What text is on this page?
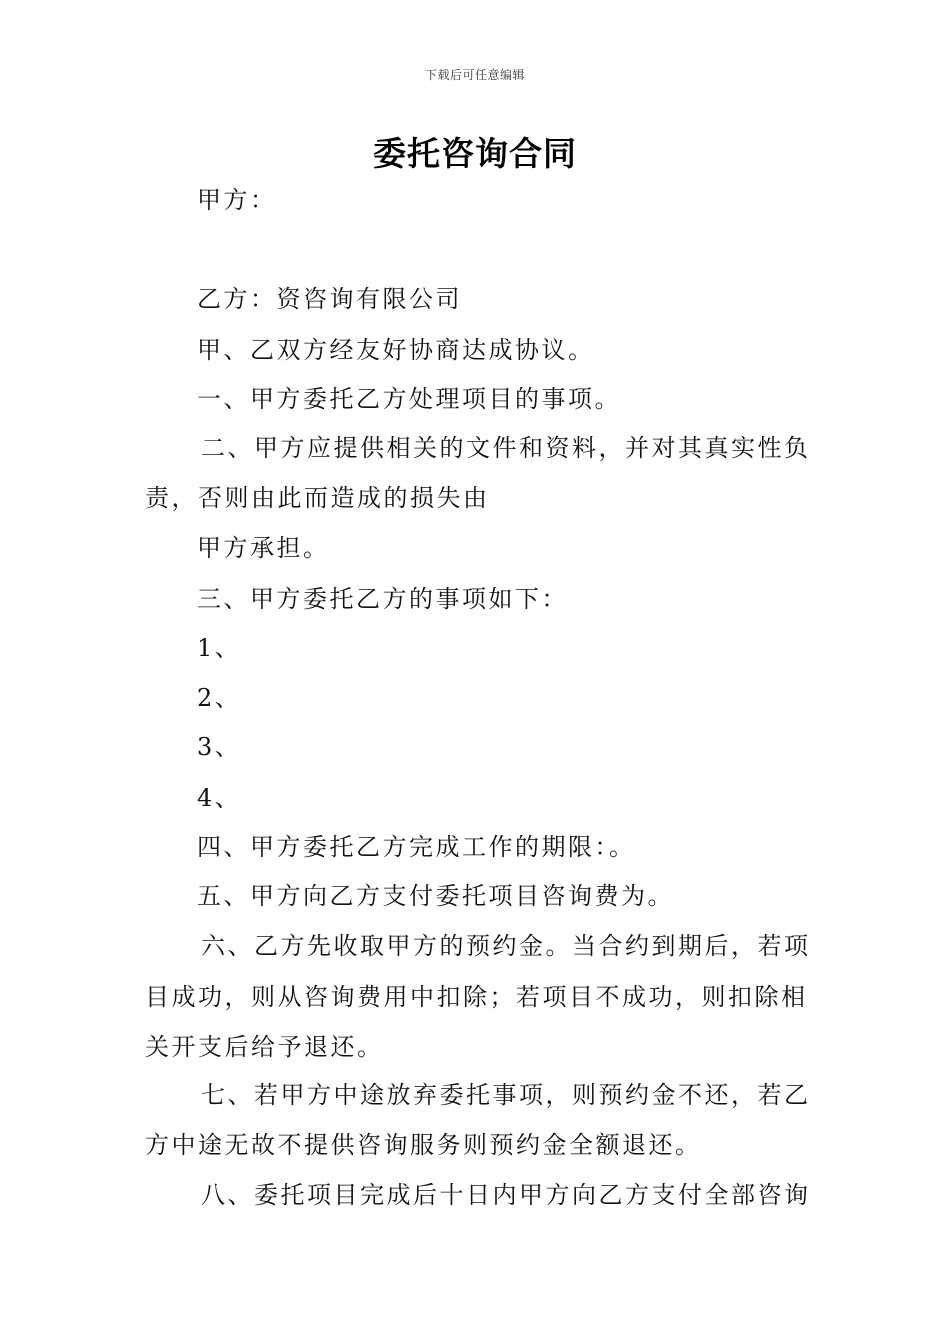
下载后可任意编辑
委托咨询合同
甲方：
乙方：资咨询有限公司
甲、乙双方经友好协商达成协议。
一、甲方委托乙方处理项目的事项。
二、甲方应提供相关的文件和资料，并对其真实性负
责，否则由此而造成的损失由
甲方承担。
三、甲方委托乙方的事项如下：
1、
2、
3、
4、
四、甲方委托乙方完成工作的期限：。
五、甲方向乙方支付委托项目咨询费为。
六、乙方先收取甲方的预约金。当合约到期后，若项
目成功，则从咨询费用中扣除；若项目不成功，则扣除相
关开支后给予退还。
七、若甲方中途放弃委托事项，则预约金不还，若乙
方中途无故不提供咨询服务则预约金全额退还。
八、委托项目完成后十日内甲方向乙方支付全部咨询
